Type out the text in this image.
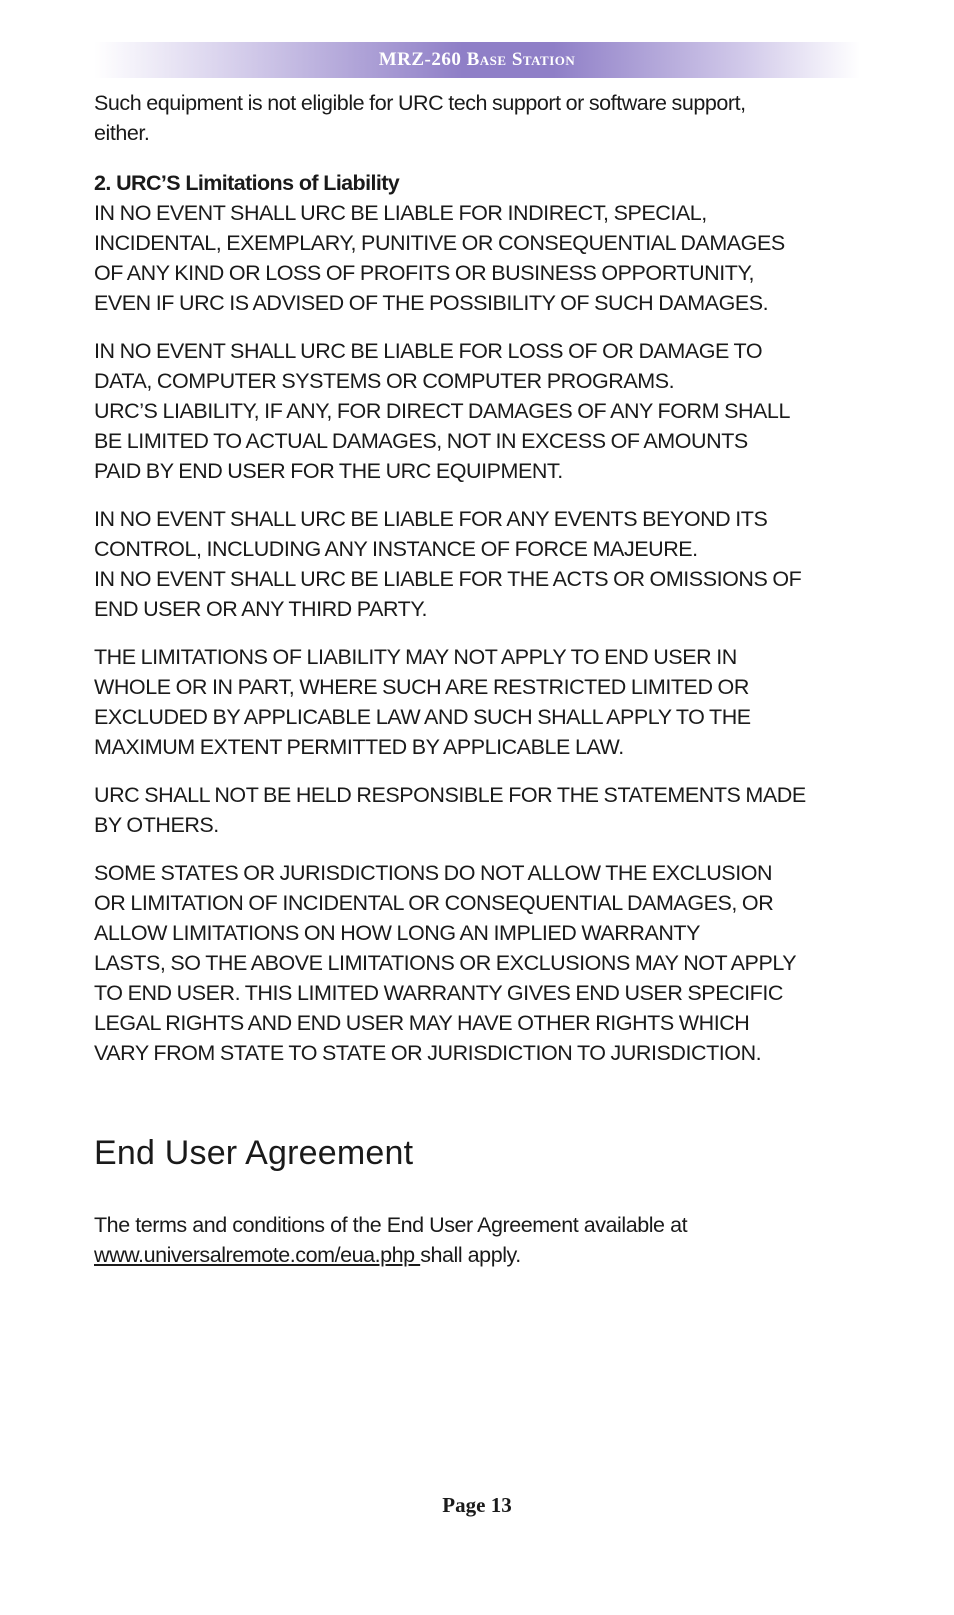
MRZ-260 Base Station

Such equipment is not eligible for URC tech support or software support,
either.

2. URC’S Limitations of Liability

IN NO EVENT SHALL URC BE LIABLE FOR INDIRECT, SPECIAL,
INCIDENTAL, EXEMPLARY, PUNITIVE OR CONSEQUENTIAL DAMAGES
OF ANY KIND OR LOSS OF PROFITS OR BUSINESS OPPORTUNITY,
EVEN IF URC IS ADVISED OF THE POSSIBILITY OF SUCH DAMAGES.

IN NO EVENT SHALL URC BE LIABLE FOR LOSS OF OR DAMAGE TO
DATA, COMPUTER SYSTEMS OR COMPUTER PROGRAMS.
URC’S LIABILITY, IF ANY, FOR DIRECT DAMAGES OF ANY FORM SHALL
BE LIMITED TO ACTUAL DAMAGES, NOT IN EXCESS OF AMOUNTS
PAID BY END USER FOR THE URC EQUIPMENT.

IN NO EVENT SHALL URC BE LIABLE FOR ANY EVENTS BEYOND ITS
CONTROL, INCLUDING ANY INSTANCE OF FORCE MAJEURE.
IN NO EVENT SHALL URC BE LIABLE FOR THE ACTS OR OMISSIONS OF
END USER OR ANY THIRD PARTY.

THE LIMITATIONS OF LIABILITY MAY NOT APPLY TO END USER IN
WHOLE OR IN PART, WHERE SUCH ARE RESTRICTED LIMITED OR
EXCLUDED BY APPLICABLE LAW AND SUCH SHALL APPLY TO THE
MAXIMUM EXTENT PERMITTED BY APPLICABLE LAW.

URC SHALL NOT BE HELD RESPONSIBLE FOR THE STATEMENTS MADE
BY OTHERS.

SOME STATES OR JURISDICTIONS DO NOT ALLOW THE EXCLUSION
OR LIMITATION OF INCIDENTAL OR CONSEQUENTIAL DAMAGES, OR
ALLOW LIMITATIONS ON HOW LONG AN IMPLIED WARRANTY
LASTS, SO THE ABOVE LIMITATIONS OR EXCLUSIONS MAY NOT APPLY
TO END USER. THIS LIMITED WARRANTY GIVES END USER SPECIFIC
LEGAL RIGHTS AND END USER MAY HAVE OTHER RIGHTS WHICH
VARY FROM STATE TO STATE OR JURISDICTION TO JURISDICTION.

End User Agreement

The terms and conditions of the End User Agreement available at
www.universalremote.com/eua.php shall apply.

Page 13
